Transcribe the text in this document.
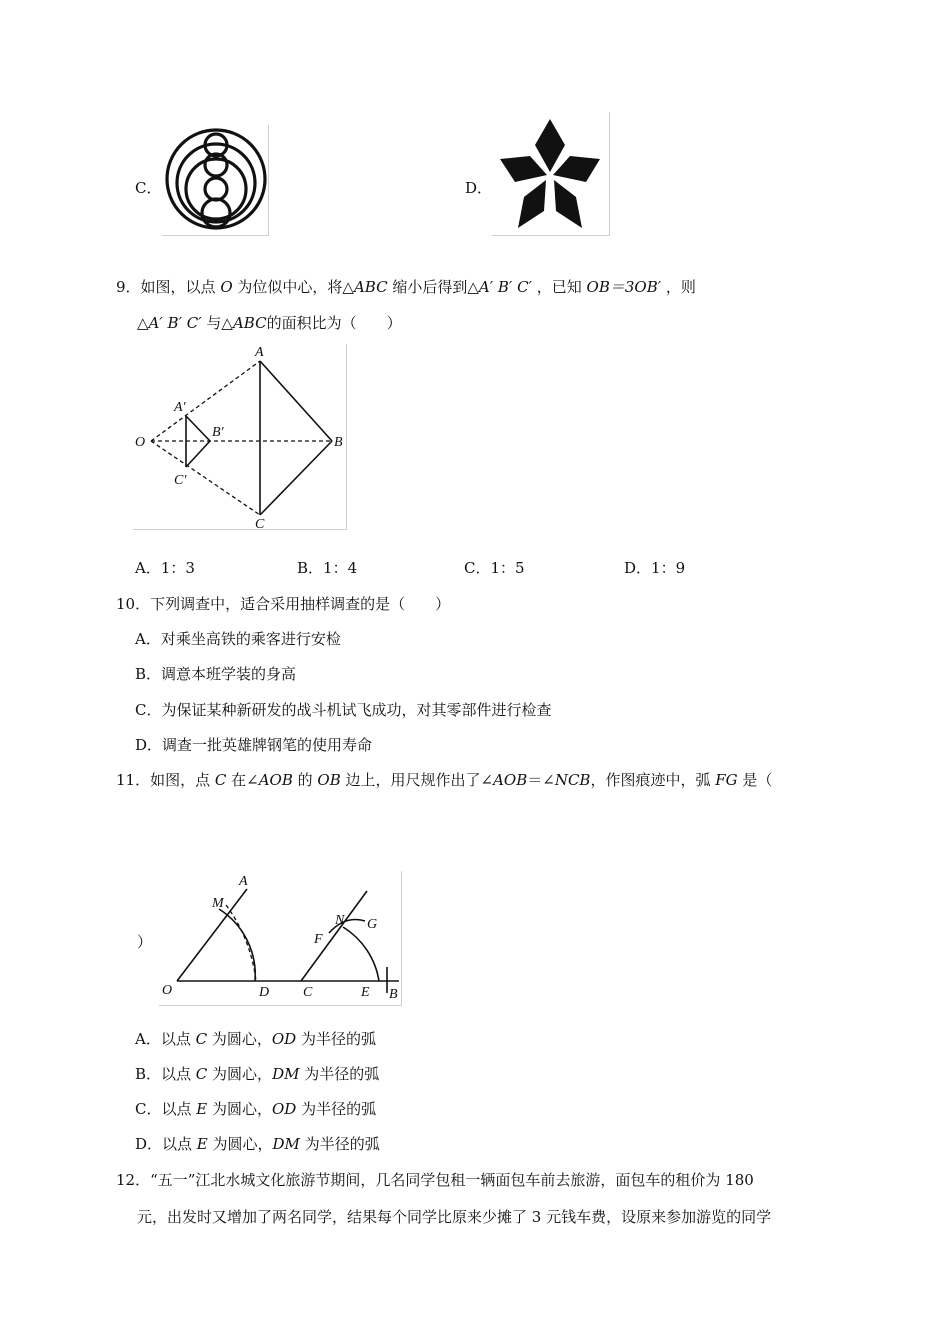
C．	D．
9．如图，以点 O 为位似中心，将△ABC 缩小后得到△A′ B′ C′ ，已知 OB＝3OB′ ，则
△A′ B′ C′ 与△ABC的面积比为（　　）
A
A′
O
B′
B
C′
C
A．1：3	B．1：4	C．1：5	D．1：9
10．下列调查中，适合采用抽样调查的是（　　）
A．对乘坐高铁的乘客进行安检
B．调意本班学装的身高
C．为保证某种新研发的战斗机试飞成功，对其零部件进行检查
D．调查一批英雄牌钢笔的使用寿命
11．如图，点 C 在∠AOB 的 OB 边上，用尺规作出了∠AOB＝∠NCB，作图痕迹中，弧 FG 是（
）
A
M
N G
F
O	D C	E B
A．以点 C 为圆心，OD 为半径的弧
B．以点 C 为圆心，DM 为半径的弧
C．以点 E 为圆心，OD 为半径的弧
D．以点 E 为圆心，DM 为半径的弧
12．“五一”江北水城文化旅游节期间，几名同学包租一辆面包车前去旅游，面包车的租价为 180
元，出发时又增加了两名同学，结果每个同学比原来少摊了 3 元钱车费，设原来参加游览的同学
